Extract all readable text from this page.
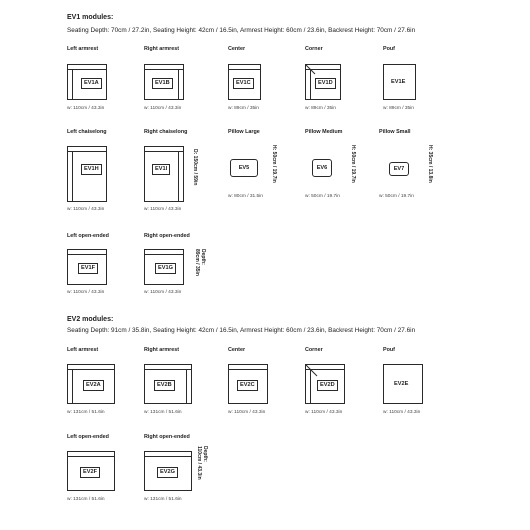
EV1 modules:
Seating Depth: 70cm / 27.2in, Seating Height: 42cm / 16.5in, Armrest Height: 60cm / 23.6in, Backrest Height: 70cm / 27.6in
Left armrest
EV1A
w: 110cm / 43.3in
Right armrest
EV1B
w: 110cm / 43.3in
Center
EV1C
w: 89cm / 35in
Corner
EV1D
w: 89cm / 35in
Pouf
EV1E
w: 89cm / 35in
Left chaiselong
EV1H
w: 110cm / 43.3in
Right chaiselong
EV1I
w: 110cm / 43.3in
D: 150cm / 59in
Pillow Large
EV5
w: 80cm / 31.5in
H: 50cm / 19.7in
Pillow Medium
EV6
w: 50cm / 19.7in
H: 50cm / 19.7in
Pillow Small
EV7
w: 50cm / 19.7in
H: 35cm / 13.8in
Left open-ended
EV1F
w: 110cm / 43.3in
Right open-ended
EV1G
w: 110cm / 43.3in
Depth:
89cm / 35in
EV2 modules:
Seating Depth: 91cm / 35.8in, Seating Height: 42cm / 16.5in, Armrest Height: 60cm / 23.6in, Backrest Height: 70cm / 27.6in
Left armrest
EV2A
w: 131cm / 51.6in
Right armrest
EV2B
w: 131cm / 51.6in
Center
EV2C
w: 110cm / 43.3in
Corner
EV2D
w: 110cm / 43.3in
Pouf
EV2E
w: 110cm / 43.3in
Left open-ended
EV2F
w: 131cm / 51.6in
Right open-ended
EV2G
w: 131cm / 51.6in
Depth:
110cm / 43.3in
